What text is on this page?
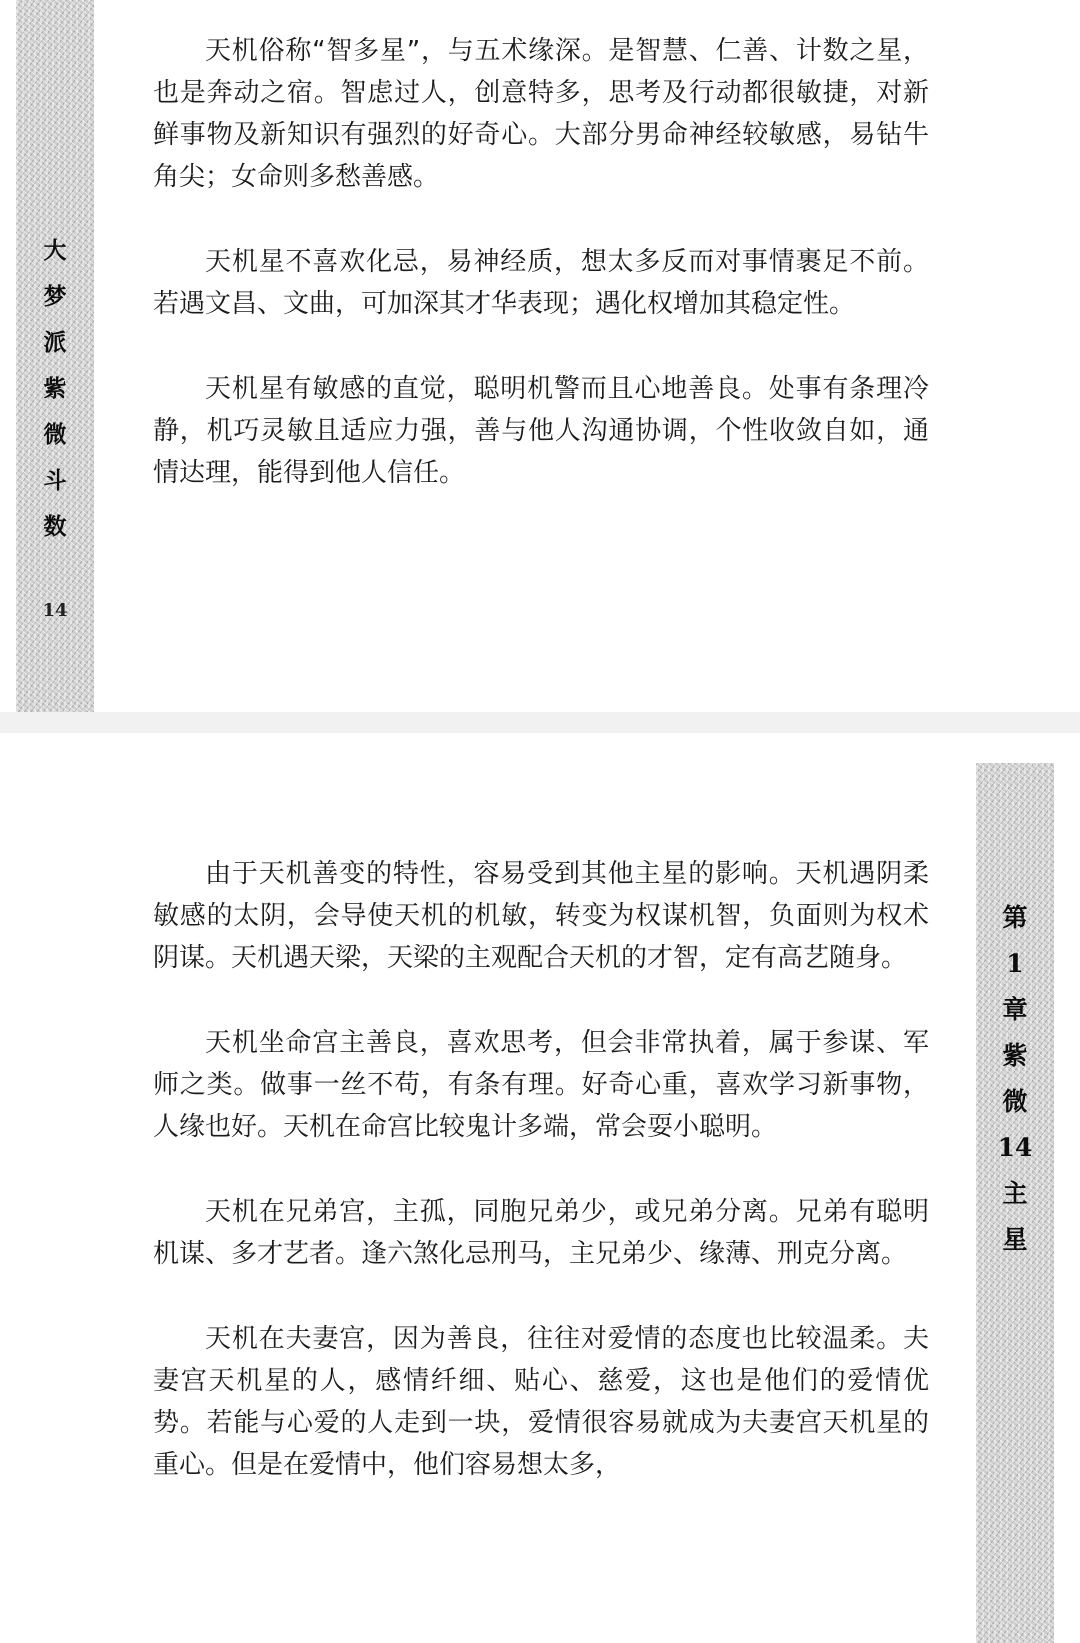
大
梦
派
紫
微
斗
数
14

天机俗称“智多星”，与五术缘深。是智慧、仁善、计数之星，也是奔动之宿。智虑过人，创意特多，思考及行动都很敏捷，对新鲜事物及新知识有强烈的好奇心。大部分男命神经较敏感，易钻牛角尖；女命则多愁善感。

天机星不喜欢化忌，易神经质，想太多反而对事情裹足不前。若遇文昌、文曲，可加深其才华表现；遇化权增加其稳定性。

天机星有敏感的直觉，聪明机警而且心地善良。处事有条理冷静，机巧灵敏且适应力强，善与他人沟通协调，个性收敛自如，通情达理，能得到他人信任。

第
1
章
紫
微
14
主
星

由于天机善变的特性，容易受到其他主星的影响。天机遇阴柔敏感的太阴，会导使天机的机敏，转变为权谋机智，负面则为权术阴谋。天机遇天梁，天梁的主观配合天机的才智，定有高艺随身。

天机坐命宫主善良，喜欢思考，但会非常执着，属于参谋、军师之类。做事一丝不苟，有条有理。好奇心重，喜欢学习新事物，人缘也好。天机在命宫比较鬼计多端，常会耍小聪明。

天机在兄弟宫，主孤，同胞兄弟少，或兄弟分离。兄弟有聪明机谋、多才艺者。逢六煞化忌刑马，主兄弟少、缘薄、刑克分离。

天机在夫妻宫，因为善良，往往对爱情的态度也比较温柔。夫妻宫天机星的人，感情纤细、贴心、慈爱，这也是他们的爱情优势。若能与心爱的人走到一块，爱情很容易就成为夫妻宫天机星的重心。但是在爱情中，他们容易想太多，
